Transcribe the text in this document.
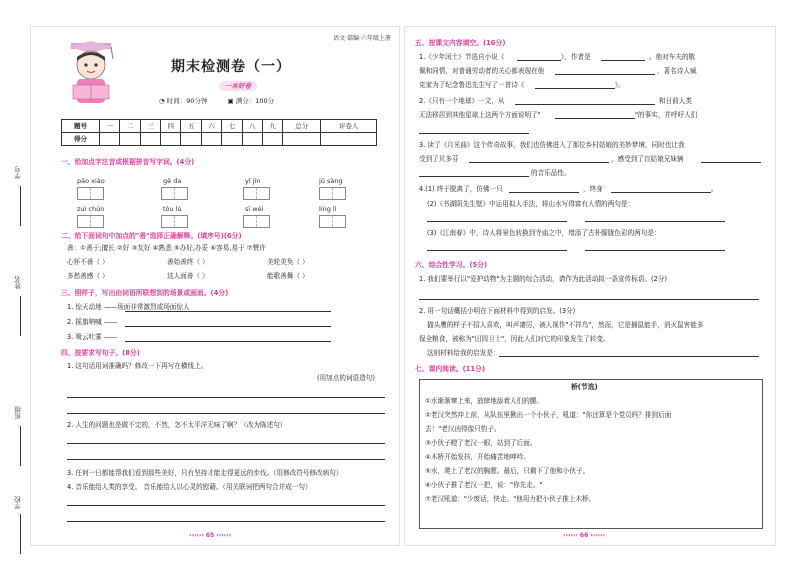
学号
姓名
班级
学校
语文·部编·六年级上册
期末检测卷（一）
一本好卷
◔ 时间：90分钟	▣ 满分：100分
题号	一	二	三	四	五	六	七	八	九	总分	评卷人
得分											
一、给加点字注音或根据拼音写字词。(4分)
pāo xiào	gē da	yǐ jìn	jǔ sàng
zuì chún	tōu lù	sī wéi	líng lì
二、给下面词句中加点的"善"选择正确解释。(填序号)(6分)
善：①善于;擅长 ②好 ③友好 ④熟悉 ⑤办好,办妥 ⑥容易,易于 ⑦赞许
心怀不善（ ）	善始善终（ ）	美轮美奂（ ）
多愁善感（ ）	这人面善（ ）	能歌善舞（ ）
三、照样子，写出由词语所联想到的场景或画面。(4分)
1. 惊天动地 ——场面非常激烈或场面惊人
2. 摇旗呐喊 ——
3. 喷云吐雾 ——
四、按要求写句子。(8分)
1. 这句话用词准确吗？修改一下再写在横线上。
(用加点的词语造句)
2. 人生的问题也是做不完的，不然，怎不太平洋无味了啊？（改为陈述句）
3. 任何一日都能帮我们看到那些美好，只有坚持才能走得更远的步伐。（用修改符号修改病句）
4. 音乐能给人类的享受。 音乐能给人以心灵的慰藉。（用关联词把两句合并成一句）
›››››› 65 ‹‹‹‹‹‹
五、按课文内容填空。(16分)
1.《少年闰土》节选自小说《	》，作者是	。他对车夫的敬
佩和同情，对普通劳动者的关心都表现在他	，著名诗人臧
克家为了纪念鲁迅先生写了一首诗《	》。
2.《只有一个地球》一文，从	和日前人类
无法移居到其他星球上这两个方面说明了"	"的事实，并呼吁人们
3. 读了《月光曲》这个传奇故事，我们也仿佛进入了那位乡村姑娘的美妙梦境，同时也让我
受到了贝多芬	，感受到了盲姑娘兄妹俩
的音乐品性。
4.(1) 终于脱离了，仿佛一只	，终身	。
(2)《书湖阴先生壁》中运用拟人手法，将山水写得富有人情的两句是：
(3)《江南春》中，诗人将景色转换到寺庙之中，增添了古朴朦胧色彩的两句是：
六、综合性学习。(5分)
1. 我们要举行以"爱护动物"为主题的综合活动，请作为此活动拟一条宣传标语。(2分)
2. 用一句话概括小明在下面材料中得到的启发。(3分)
猫头鹰的样子不招人喜欢，叫声凄厉，被人视作"不祥鸟"，然而，它是捕鼠能手，消灭鼠害能多
保全粮食，被称为"田园卫士"，因此人们对它的印象发生了转变。
这则材料给我的启发是：
七、课内阅读。(11分)
桥(节选)
①水渐渐窜上来，放肆地舔着人们的腰。
②老汉突然冲上前，从队伍里揪出一个小伙子，吼道："你还算是个党员吗？排到后面
去！"老汉凶得像只豹子。
③小伙子瞪了老汉一眼，站到了后面。
④木桥开始发抖，开始痛苦地呻吟。
⑤水，爬上了老汉的胸膛。最后，只剩下了他和小伙子。
⑥小伙子推了老汉一把，说："你先走。"
⑦老汉吼道："少废话，快走。"他用力把小伙子推上木桥。
›››››› 66 ‹‹‹‹‹‹
